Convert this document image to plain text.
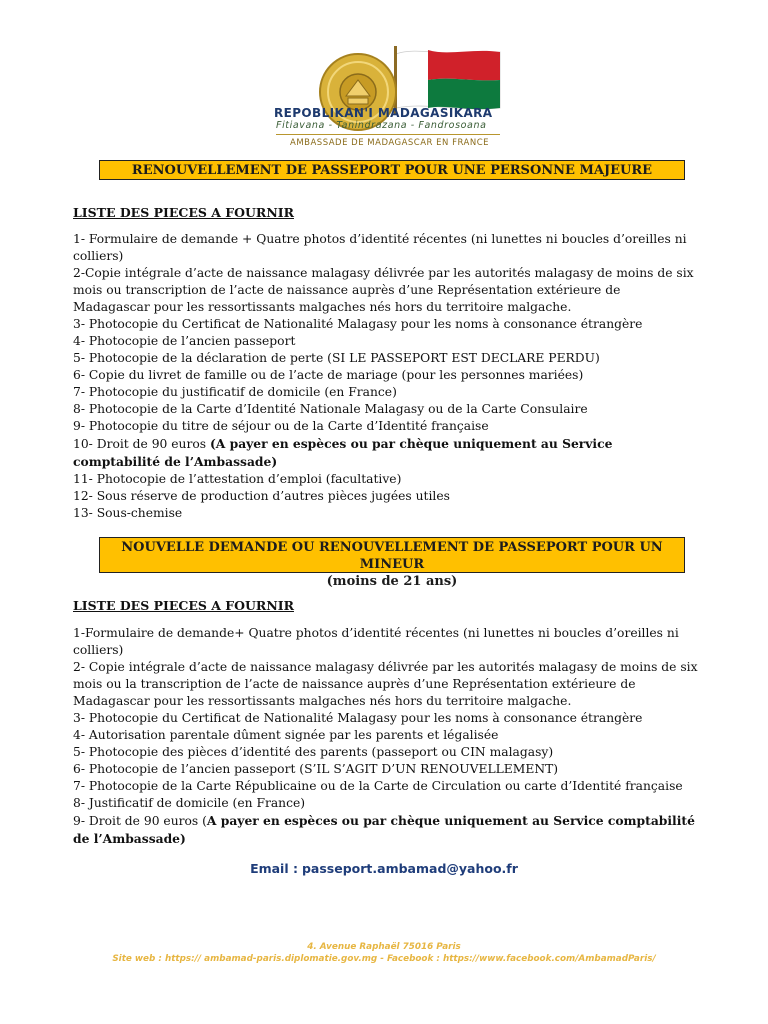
REPOBLIKAN'I MADAGASIKARA
Fitiavana - Tanindrazana - Fandrosoana
AMBASSADE DE MADAGASCAR EN FRANCE
RENOUVELLEMENT DE PASSEPORT POUR UNE PERSONNE MAJEURE
LISTE DES PIECES A FOURNIR
1- Formulaire de demande + Quatre photos d’identité récentes (ni lunettes ni boucles d’oreilles ni colliers)
2-Copie intégrale d’acte de naissance malagasy délivrée par les autorités malagasy de moins de six mois ou transcription de l’acte de naissance auprès d’une Représentation extérieure de Madagascar pour les ressortissants malgaches nés hors du territoire malgache.
3- Photocopie du Certificat de Nationalité Malagasy pour les noms à consonance étrangère
4- Photocopie de l’ancien passeport
5- Photocopie de la déclaration de perte (SI LE PASSEPORT EST DECLARE PERDU)
6- Copie du livret de famille ou de l’acte de mariage (pour les personnes mariées)
7- Photocopie du justificatif de domicile (en France)
8- Photocopie de la Carte d’Identité Nationale Malagasy ou de la Carte Consulaire
9- Photocopie du titre de séjour ou de la Carte d’Identité française
10- Droit de 90 euros (A payer en espèces ou par chèque uniquement au Service comptabilité de l’Ambassade)
11- Photocopie de l’attestation d’emploi (facultative)
12- Sous réserve de production d’autres pièces jugées utiles
13- Sous-chemise
NOUVELLE DEMANDE OU RENOUVELLEMENT DE PASSEPORT POUR UN MINEUR
(moins de 21 ans)
LISTE DES PIECES A FOURNIR
1-Formulaire de demande+ Quatre photos d’identité récentes (ni lunettes ni boucles d’oreilles ni colliers)
2- Copie intégrale d’acte de naissance malagasy délivrée par les autorités malagasy de moins de six mois ou la transcription de l’acte de naissance auprès d’une Représentation extérieure de Madagascar pour les ressortissants malgaches nés hors du territoire malgache.
3- Photocopie du Certificat de Nationalité Malagasy pour les noms à consonance étrangère
4- Autorisation parentale dûment signée par les parents et légalisée
5- Photocopie des pièces d’identité des parents (passeport ou CIN malagasy)
6- Photocopie de l’ancien passeport (S’IL S’AGIT D’UN RENOUVELLEMENT)
7- Photocopie de la Carte Républicaine ou de la Carte de Circulation ou carte d’Identité française
8- Justificatif de domicile (en France)
9- Droit de 90 euros (A payer en espèces ou par chèque uniquement au Service comptabilité de l’Ambassade)
Email : passeport.ambamad@yahoo.fr
4. Avenue Raphaël 75016 Paris
Site web : https:// ambamad-paris.diplomatie.gov.mg - Facebook : https://www.facebook.com/AmbamadParis/
